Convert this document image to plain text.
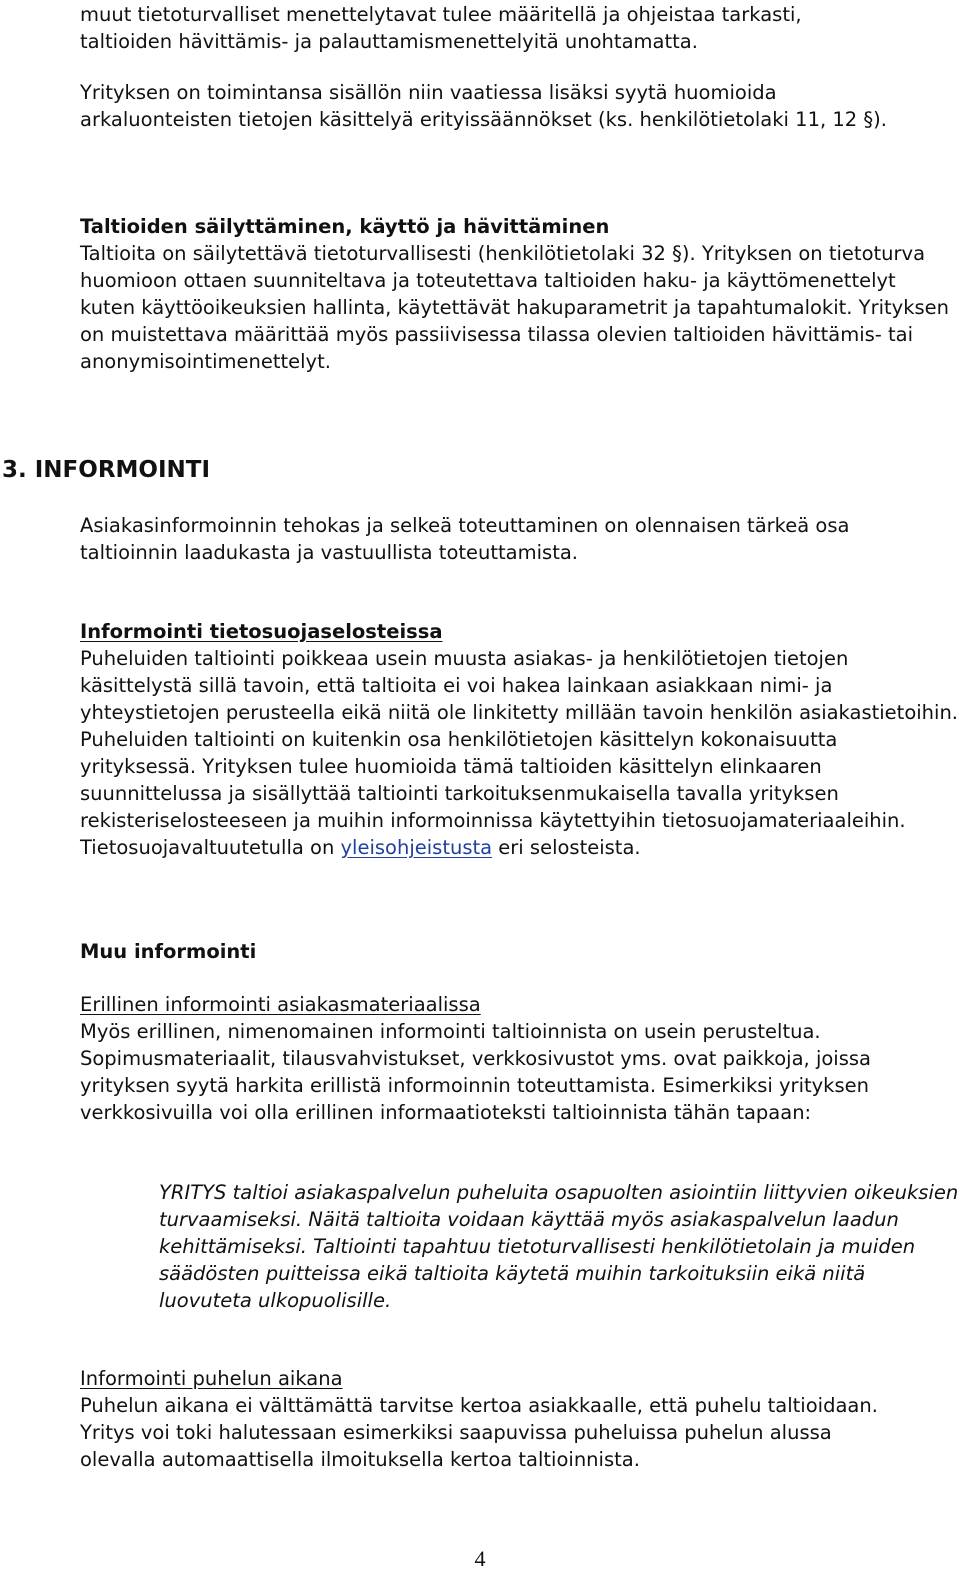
muut tietoturvalliset menettelytavat tulee määritellä ja ohjeistaa tarkasti,

taltioiden hävittämis- ja palauttamismenettelyitä unohtamatta.

Yrityksen on toimintansa sisällön niin vaatiessa lisäksi syytä huomioida arkaluonteisten tietojen käsittelyä erityissäännökset (ks. henkilötietolaki 11, 12 §).

Taltioiden säilyttäminen, käyttö ja hävittäminen

Taltioita on säilytettävä tietoturvallisesti (henkilötietolaki 32 §). Yrityksen on tietoturva huomioon ottaen suunniteltava ja toteutettava taltioiden haku- ja käyttömenettelyt kuten käyttöoikeuksien hallinta, käytettävät hakuparametrit ja tapahtumalokit. Yrityksen on muistettava määrittää myös passiivisessa tilassa olevien taltioiden hävittämis- tai anonymisointimenettelyt.

3. INFORMOINTI

Asiakasinformoinnin tehokas ja selkeä toteuttaminen on olennaisen tärkeä osa taltioinnin laadukasta ja vastuullista toteuttamista.

Informointi tietosuojaselosteissa

Puheluiden taltiointi poikkeaa usein muusta asiakas- ja henkilötietojen tietojen käsittelystä sillä tavoin, että taltioita ei voi hakea lainkaan asiakkaan nimi- ja yhteystietojen perusteella eikä niitä ole linkitetty millään tavoin henkilön asiakastietoihin. Puheluiden taltiointi on kuitenkin osa henkilötietojen käsittelyn kokonaisuutta yrityksessä. Yrityksen tulee huomioida tämä taltioiden käsittelyn elinkaaren suunnittelussa ja sisällyttää taltiointi tarkoituksenmukaisella tavalla yrityksen rekisteriselosteeseen ja muihin informoinnissa käytettyihin tietosuojamateriaaleihin. Tietosuojavaltuutetulla on yleisohjeistusta eri selosteista.

Muu informointi

Erillinen informointi asiakasmateriaalissa

Myös erillinen, nimenomainen informointi taltioinnista on usein perusteltua. Sopimusmateriaalit, tilausvahvistukset, verkkosivustot yms. ovat paikkoja, joissa yrityksen syytä harkita erillistä informoinnin toteuttamista. Esimerkiksi yrityksen verkkosivuilla voi olla erillinen informaatioteksti taltioinnista tähän tapaan:

YRITYS taltioi asiakaspalvelun puheluita osapuolten asiointiin liittyvien oikeuksien turvaamiseksi. Näitä taltioita voidaan käyttää myös asiakaspalvelun laadun kehittämiseksi. Taltiointi tapahtuu tietoturvallisesti henkilötietolain ja muiden säädösten puitteissa eikä taltioita käytetä muihin tarkoituksiin eikä niitä luovuteta ulkopuolisille.

Informointi puhelun aikana

Puhelun aikana ei välttämättä tarvitse kertoa asiakkaalle, että puhelu taltioidaan. Yritys voi toki halutessaan esimerkiksi saapuvissa puheluissa puhelun alussa olevalla automaattisella ilmoituksella kertoa taltioinnista.

4
